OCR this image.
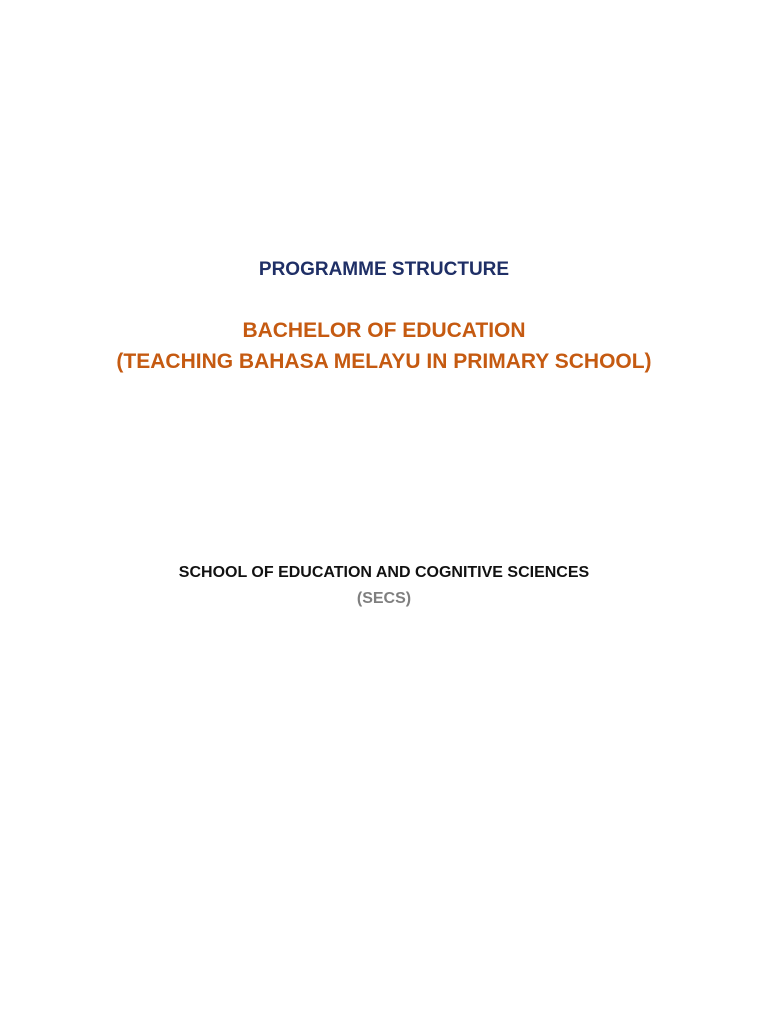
PROGRAMME STRUCTURE
BACHELOR OF EDUCATION
(TEACHING BAHASA MELAYU IN PRIMARY SCHOOL)
SCHOOL OF EDUCATION AND COGNITIVE SCIENCES
(SECS)
